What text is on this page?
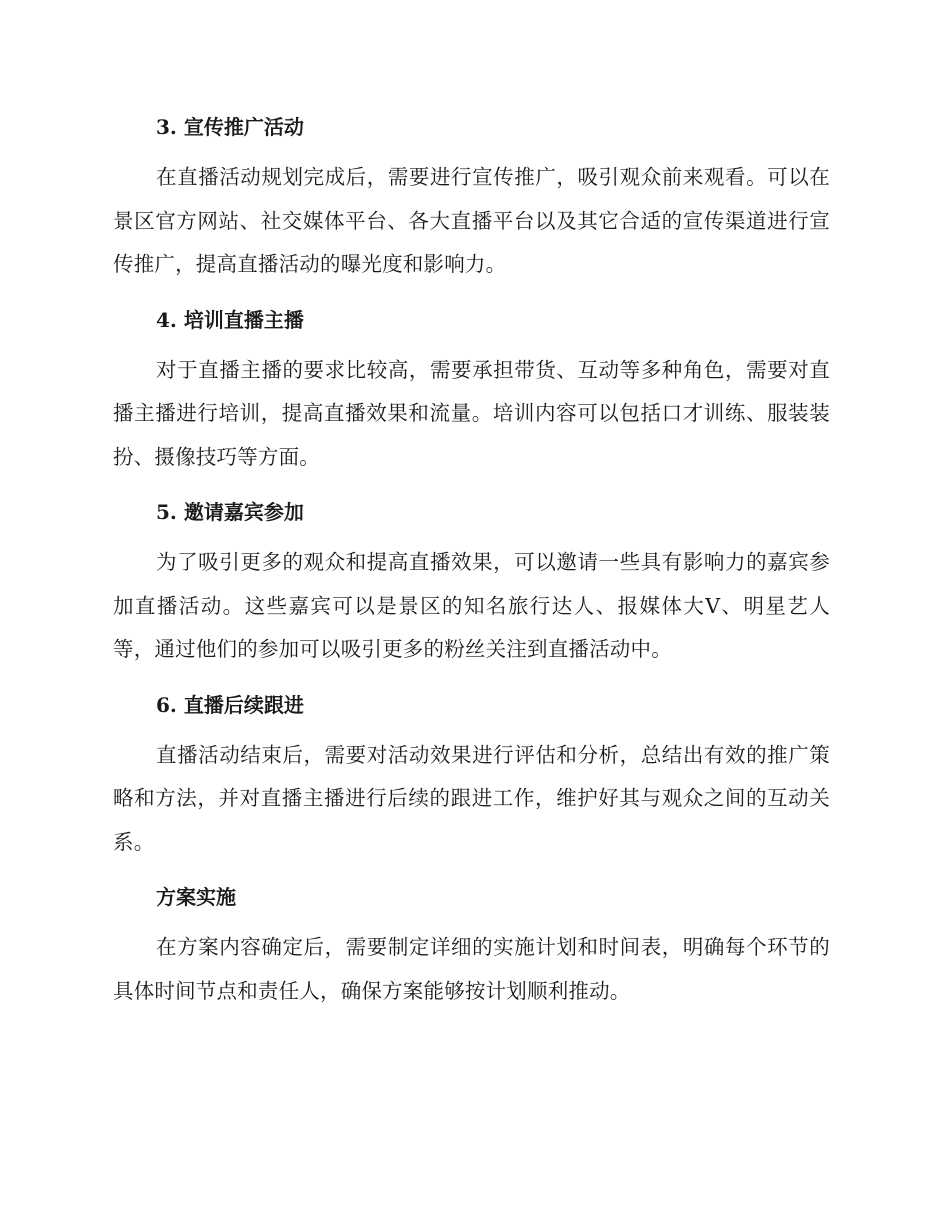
3. 宣传推广活动

在直播活动规划完成后，需要进行宣传推广，吸引观众前来观看。可以在景区官方网站、社交媒体平台、各大直播平台以及其它合适的宣传渠道进行宣传推广，提高直播活动的曝光度和影响力。

4. 培训直播主播

对于直播主播的要求比较高，需要承担带货、互动等多种角色，需要对直播主播进行培训，提高直播效果和流量。培训内容可以包括口才训练、服装装扮、摄像技巧等方面。

5. 邀请嘉宾参加

为了吸引更多的观众和提高直播效果，可以邀请一些具有影响力的嘉宾参加直播活动。这些嘉宾可以是景区的知名旅行达人、报媒体大V、明星艺人等，通过他们的参加可以吸引更多的粉丝关注到直播活动中。

6. 直播后续跟进

直播活动结束后，需要对活动效果进行评估和分析，总结出有效的推广策略和方法，并对直播主播进行后续的跟进工作，维护好其与观众之间的互动关系。

方案实施

在方案内容确定后，需要制定详细的实施计划和时间表，明确每个环节的具体时间节点和责任人，确保方案能够按计划顺利推动。
